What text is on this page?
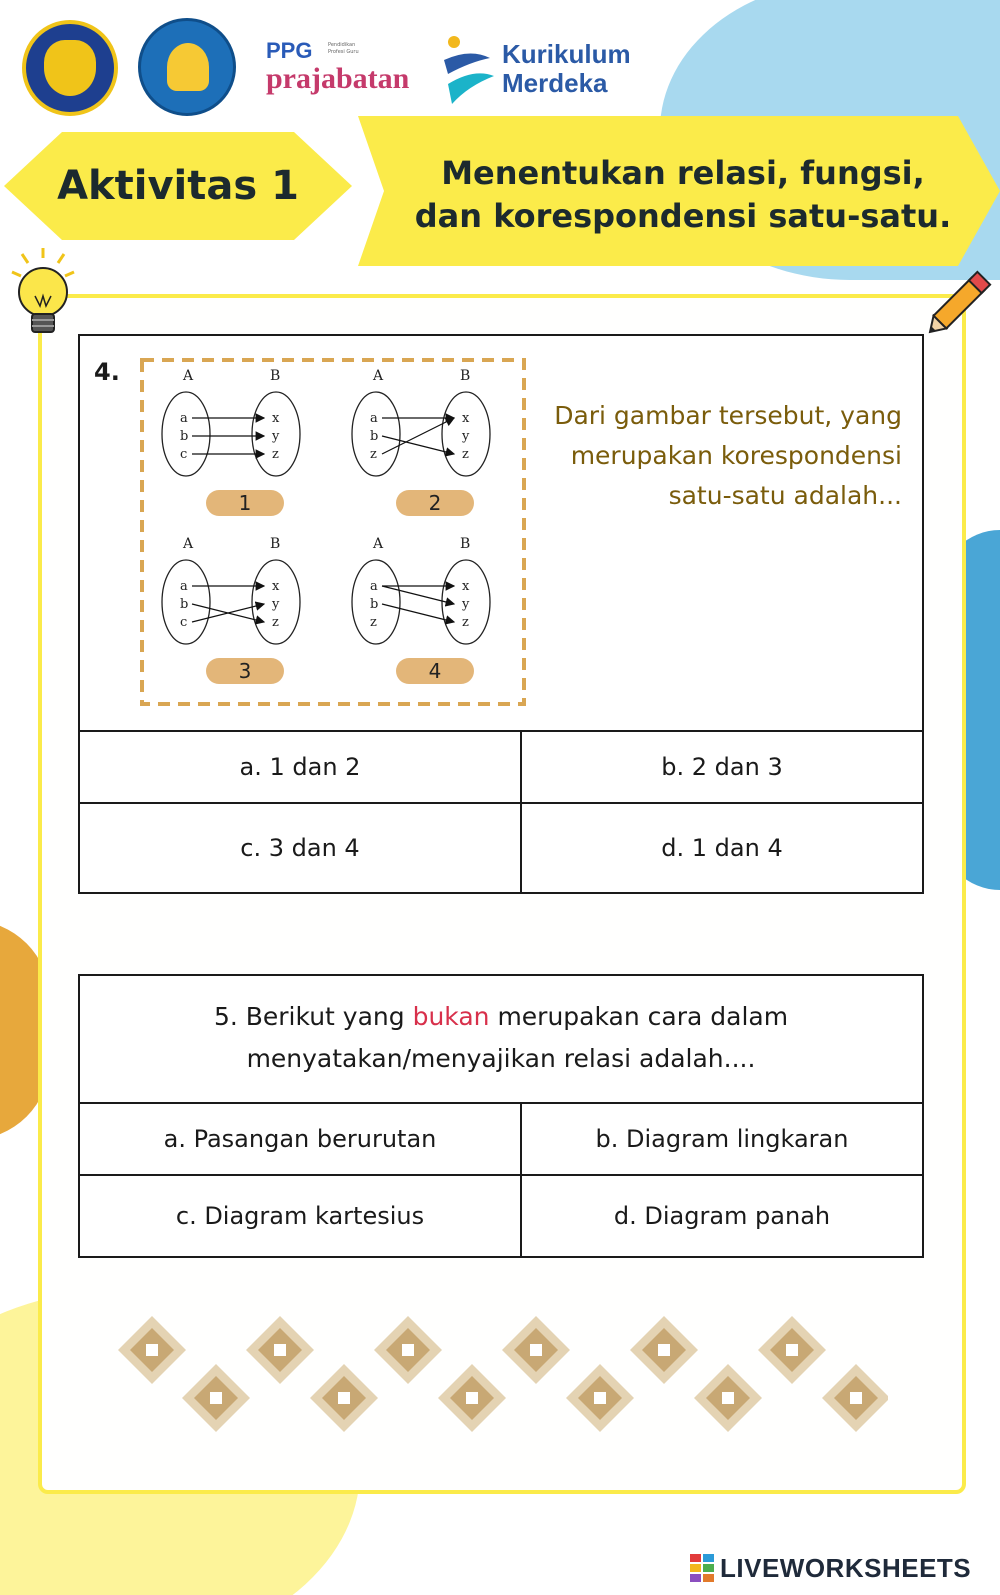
PPG	Pendidikan Profesi Guru
prajabatan
Kurikulum
Merdeka
Aktivitas 1	Menentukan relasi, fungsi,
dan korespondensi satu-satu.
4.	A	B
a
b
c
x
y
z
1
A	B
a
b
z
x
y
z
2
A	B
a
b
c
x
y
z
3
A	B
a
b
z
x
y
z
4
Dari gambar tersebut, yang
merupakan korespondensi
satu-satu adalah...
a. 1 dan 2	b. 2 dan 3
c. 3 dan 4	d. 1 dan 4
5. Berikut yang bukan merupakan cara dalam
menyatakan/menyajikan relasi adalah....
a. Pasangan berurutan	b. Diagram lingkaran
c. Diagram kartesius	d. Diagram panah
LIVEWORKSHEETS
